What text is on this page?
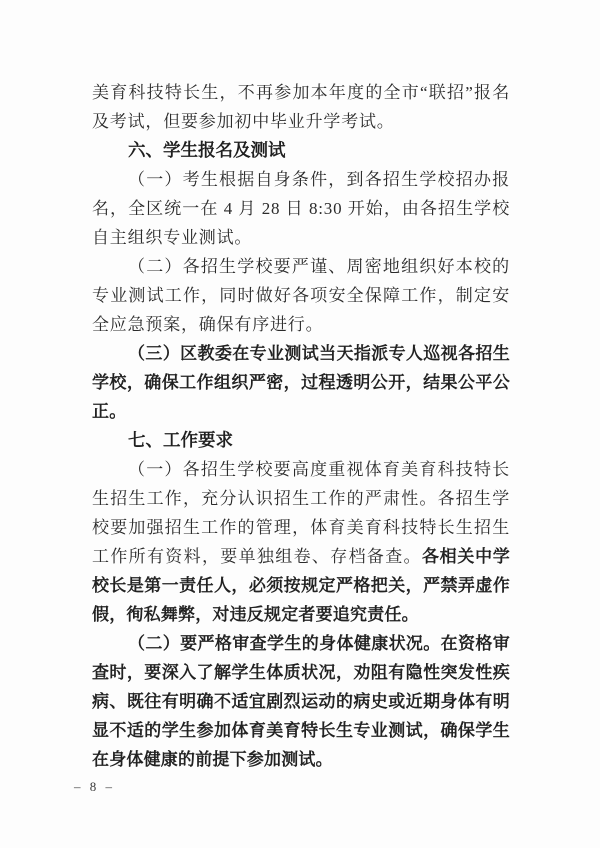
美育科技特长生，不再参加本年度的全市“联招”报名及考试，但要参加初中毕业升学考试。

六、学生报名及测试

（一）考生根据自身条件，到各招生学校招办报名，全区统一在 4 月 28 日 8:30 开始，由各招生学校自主组织专业测试。

（二）各招生学校要严谨、周密地组织好本校的专业测试工作，同时做好各项安全保障工作，制定安全应急预案，确保有序进行。

（三）区教委在专业测试当天指派专人巡视各招生学校，确保工作组织严密，过程透明公开，结果公平公正。

七、工作要求

（一）各招生学校要高度重视体育美育科技特长生招生工作，充分认识招生工作的严肃性。各招生学校要加强招生工作的管理，体育美育科技特长生招生工作所有资料，要单独组卷、存档备查。各相关中学校长是第一责任人，必须按规定严格把关，严禁弄虚作假，徇私舞弊，对违反规定者要追究责任。

（二）要严格审查学生的身体健康状况。在资格审查时，要深入了解学生体质状况，劝阻有隐性突发性疾病、既往有明确不适宜剧烈运动的病史或近期身体有明显不适的学生参加体育美育特长生专业测试，确保学生在身体健康的前提下参加测试。

– 8 –
